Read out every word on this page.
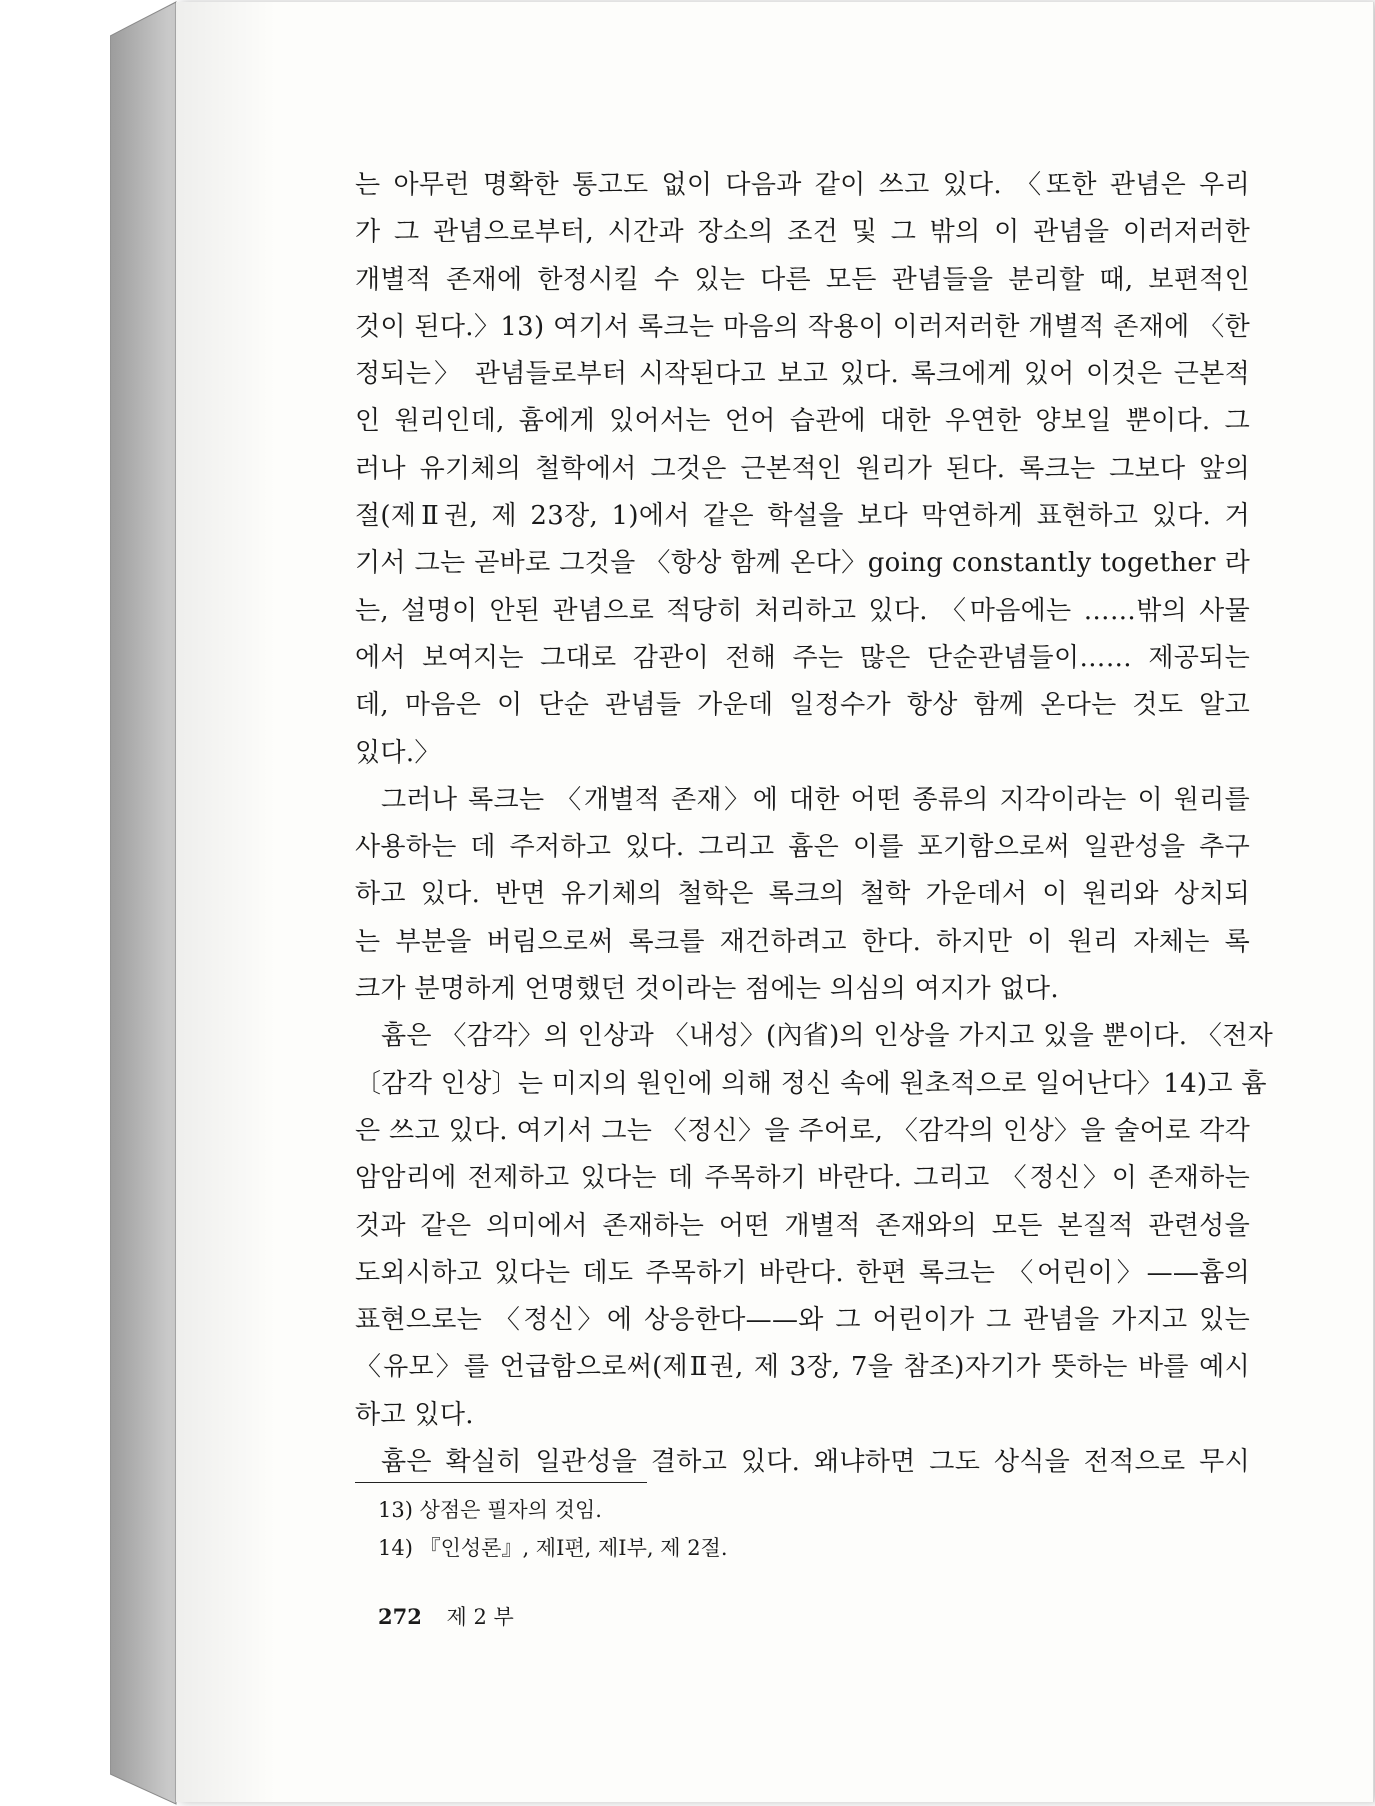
는 아무런 명확한 통고도 없이 다음과 같이 쓰고 있다. 〈또한 관념은 우리
가 그 관념으로부터, 시간과 장소의 조건 및 그 밖의 이 관념을 이러저러한
개별적 존재에 한정시킬 수 있는 다른 모든 관념들을 분리할 때, 보편적인
것이 된다.〉13) 여기서 록크는 마음의 작용이 이러저러한 개별적 존재에 〈한
정되는〉 관념들로부터 시작된다고 보고 있다. 록크에게 있어 이것은 근본적
인 원리인데, 흄에게 있어서는 언어 습관에 대한 우연한 양보일 뿐이다. 그
러나 유기체의 철학에서 그것은 근본적인 원리가 된다. 록크는 그보다 앞의
절(제Ⅱ권, 제 23장, 1)에서 같은 학설을 보다 막연하게 표현하고 있다. 거
기서 그는 곧바로 그것을 〈항상 함께 온다〉going constantly together 라
는, 설명이 안된 관념으로 적당히 처리하고 있다. 〈마음에는 ……밖의 사물
에서 보여지는 그대로 감관이 전해 주는 많은 단순관념들이…… 제공되는
데, 마음은 이 단순 관념들 가운데 일정수가 항상 함께 온다는 것도 알고
있다.〉
그러나 록크는 〈개별적 존재〉에 대한 어떤 종류의 지각이라는 이 원리를
사용하는 데 주저하고 있다. 그리고 흄은 이를 포기함으로써 일관성을 추구
하고 있다. 반면 유기체의 철학은 록크의 철학 가운데서 이 원리와 상치되
는 부분을 버림으로써 록크를 재건하려고 한다. 하지만 이 원리 자체는 록
크가 분명하게 언명했던 것이라는 점에는 의심의 여지가 없다.
흄은 〈감각〉의 인상과 〈내성〉(內省)의 인상을 가지고 있을 뿐이다. 〈전자
〔감각 인상〕는 미지의 원인에 의해 정신 속에 원초적으로 일어난다〉14)고 흄
은 쓰고 있다. 여기서 그는 〈정신〉을 주어로, 〈감각의 인상〉을 술어로 각각
암암리에 전제하고 있다는 데 주목하기 바란다. 그리고 〈정신〉이 존재하는
것과 같은 의미에서 존재하는 어떤 개별적 존재와의 모든 본질적 관련성을
도외시하고 있다는 데도 주목하기 바란다. 한편 록크는 〈어린이〉——흄의
표현으로는 〈정신〉에 상응한다——와 그 어린이가 그 관념을 가지고 있는
〈유모〉를 언급함으로써(제Ⅱ권, 제 3장, 7을 참조)자기가 뜻하는 바를 예시
하고 있다.
흄은 확실히 일관성을 결하고 있다. 왜냐하면 그도 상식을 전적으로 무시
13) 상점은 필자의 것임.
14) 『인성론』, 제Ⅰ편, 제Ⅰ부, 제 2절.
272 제 2 부
